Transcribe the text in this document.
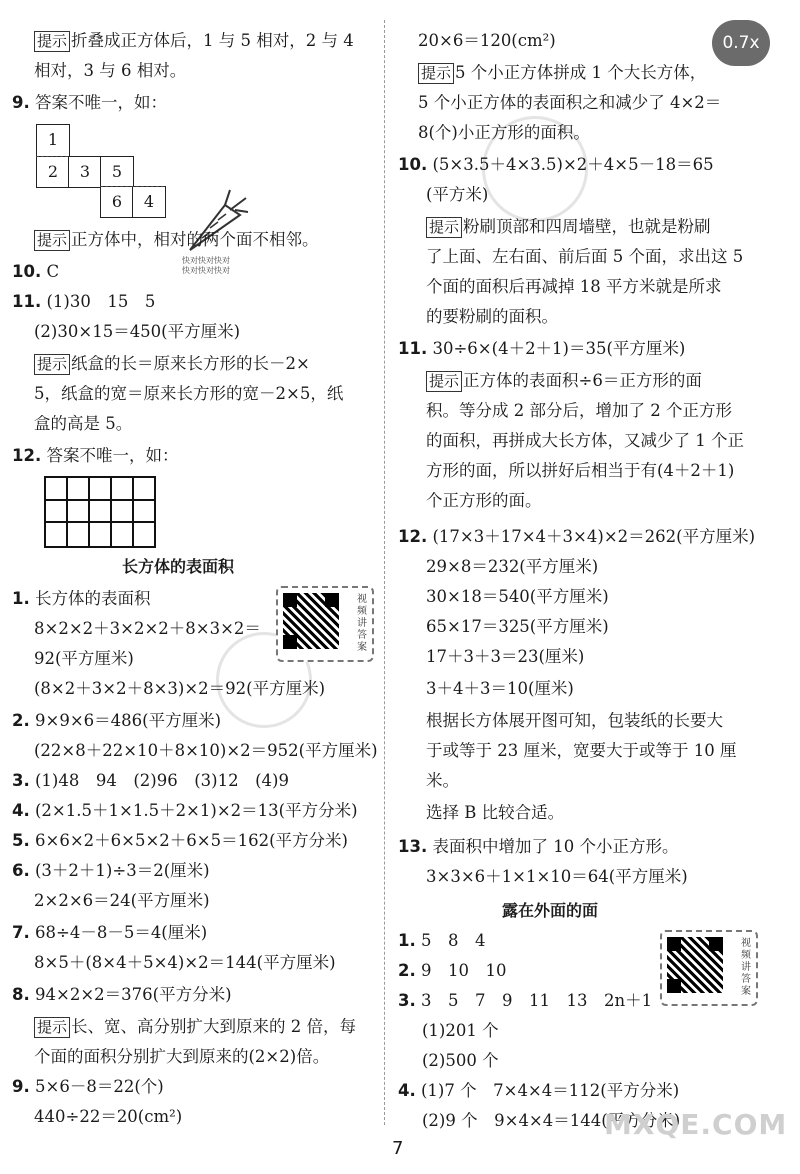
0.7x
提示 折叠成正方体后，1 与 5 相对，2 与 4
相对，3 与 6 相对。
9. 答案不唯一，如：
1
2	3	5
6	4
快对快对快对
快对快对快对
提示 正方体中，相对的两个面不相邻。
10. C
11. (1)30　15　5
(2)30×15＝450(平方厘米)
提示 纸盒的长＝原来长方形的长－2×
5，纸盒的宽＝原来长方形的宽－2×5，纸
盒的高是 5。
12. 答案不唯一，如：
长方体的表面积
1. 长方体的表面积
8×2×2＋3×2×2＋8×3×2＝
92(平方厘米)
(8×2＋3×2＋8×3)×2＝92(平方厘米)
2. 9×9×6＝486(平方厘米)
(22×8＋22×10＋8×10)×2＝952(平方厘米)
3. (1)48　94　(2)96　(3)12　(4)9
4. (2×1.5＋1×1.5＋2×1)×2＝13(平方分米)
5. 6×6×2＋6×5×2＋6×5＝162(平方分米)
6. (3＋2＋1)÷3＝2(厘米)
2×2×6＝24(平方厘米)
7. 68÷4－8－5＝4(厘米)
8×5＋(8×4＋5×4)×2＝144(平方厘米)
8. 94×2×2＝376(平方分米)
提示 长、宽、高分别扩大到原来的 2 倍，每
个面的面积分别扩大到原来的(2×2)倍。
9. 5×6－8＝22(个)
440÷22＝20(cm²)
视频讲答案
视频讲答案
20×6＝120(cm²)
提示 5 个小正方体拼成 1 个大长方体，
5 个小正方体的表面积之和减少了 4×2＝
8(个)小正方形的面积。
10. (5×3.5＋4×3.5)×2＋4×5－18＝65
(平方米)
提示 粉刷顶部和四周墙壁，也就是粉刷
了上面、左右面、前后面 5 个面，求出这 5
个面的面积后再减掉 18 平方米就是所求
的要粉刷的面积。
11. 30÷6×(4＋2＋1)＝35(平方厘米)
提示 正方体的表面积÷6＝正方形的面
积。等分成 2 部分后，增加了 2 个正方形
的面积，再拼成大长方体，又减少了 1 个正
方形的面，所以拼好后相当于有(4＋2＋1)
个正方形的面。
12. (17×3＋17×4＋3×4)×2＝262(平方厘米)
29×8＝232(平方厘米)
30×18＝540(平方厘米)
65×17＝325(平方厘米)
17＋3＋3＝23(厘米)
3＋4＋3＝10(厘米)
根据长方体展开图可知，包装纸的长要大
于或等于 23 厘米，宽要大于或等于 10 厘
米。
选择 B 比较合适。
13. 表面积中增加了 10 个小正方形。
3×3×6＋1×1×10＝64(平方厘米)
露在外面的面
1. 5　8　4
2. 9　10　10
3. 3　5　7　9　11　13　2n＋1
(1)201 个
(2)500 个
4. (1)7 个　7×4×4＝112(平方分米)
(2)9 个　9×4×4＝144(平方分米)
MXQE.COM
7
